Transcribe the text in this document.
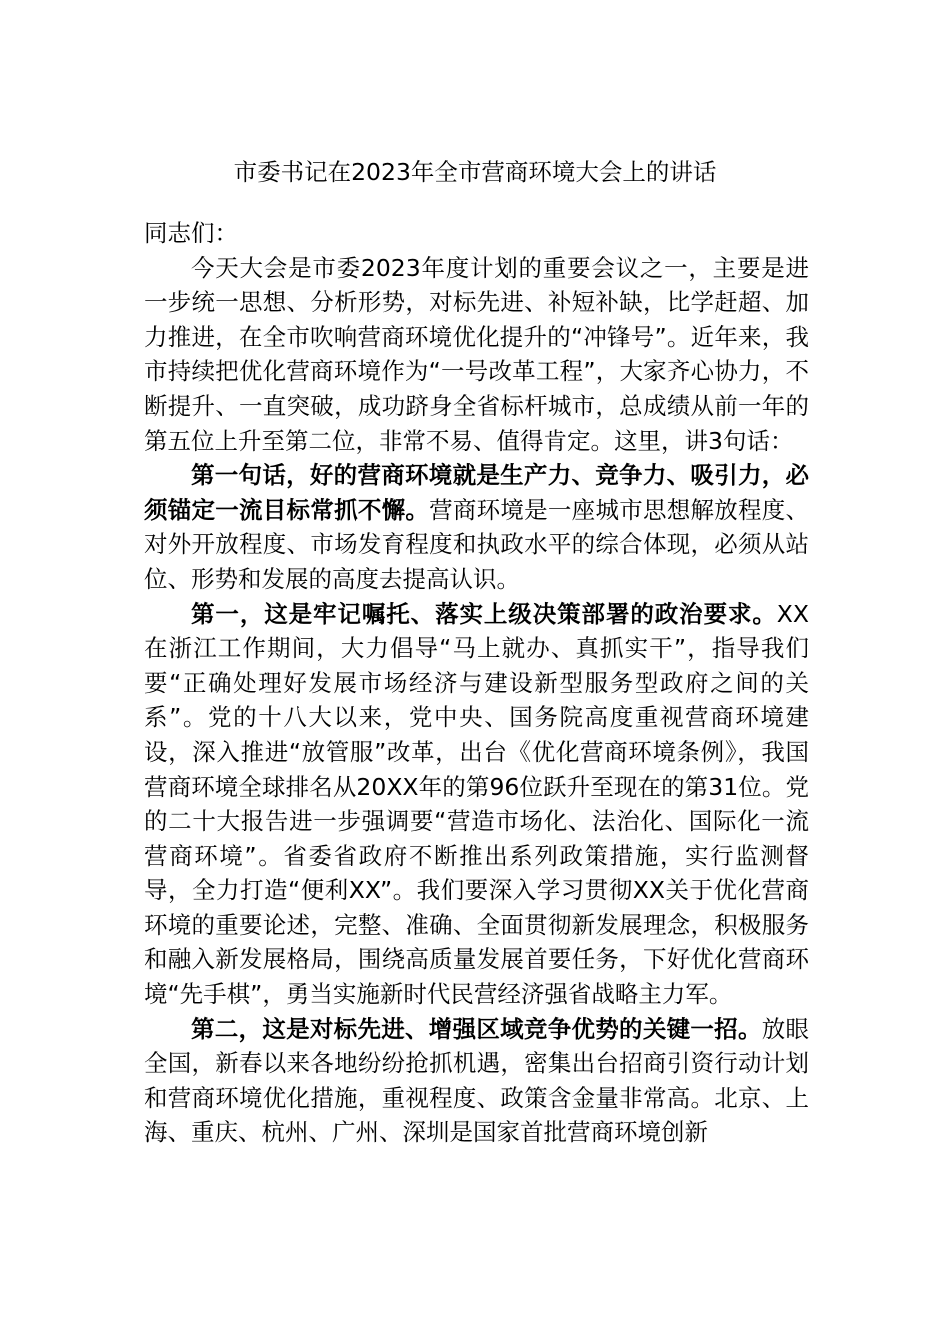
市委书记在2023年全市营商环境大会上的讲话

同志们：

今天大会是市委2023年度计划的重要会议之一，主要是进一步统一思想、分析形势，对标先进、补短补缺，比学赶超、加力推进，在全市吹响营商环境优化提升的“冲锋号”。近年来，我市持续把优化营商环境作为“一号改革工程”，大家齐心协力，不断提升、一直突破，成功跻身全省标杆城市，总成绩从前一年的第五位上升至第二位，非常不易、值得肯定。这里，讲3句话：

第一句话，好的营商环境就是生产力、竞争力、吸引力，必须锚定一流目标常抓不懈。营商环境是一座城市思想解放程度、对外开放程度、市场发育程度和执政水平的综合体现，必须从站位、形势和发展的高度去提高认识。

第一，这是牢记嘱托、落实上级决策部署的政治要求。XX在浙江工作期间，大力倡导“马上就办、真抓实干”，指导我们要“正确处理好发展市场经济与建设新型服务型政府之间的关系”。党的十八大以来，党中央、国务院高度重视营商环境建设，深入推进“放管服”改革，出台《优化营商环境条例》，我国营商环境全球排名从20XX年的第96位跃升至现在的第31位。党的二十大报告进一步强调要“营造市场化、法治化、国际化一流营商环境”。省委省政府不断推出系列政策措施，实行监测督导，全力打造“便利XX”。我们要深入学习贯彻XX关于优化营商环境的重要论述，完整、准确、全面贯彻新发展理念，积极服务和融入新发展格局，围绕高质量发展首要任务，下好优化营商环境“先手棋”，勇当实施新时代民营经济强省战略主力军。

第二，这是对标先进、增强区域竞争优势的关键一招。放眼全国，新春以来各地纷纷抢抓机遇，密集出台招商引资行动计划和营商环境优化措施，重视程度、政策含金量非常高。北京、上海、重庆、杭州、广州、深圳是国家首批营商环境创新
